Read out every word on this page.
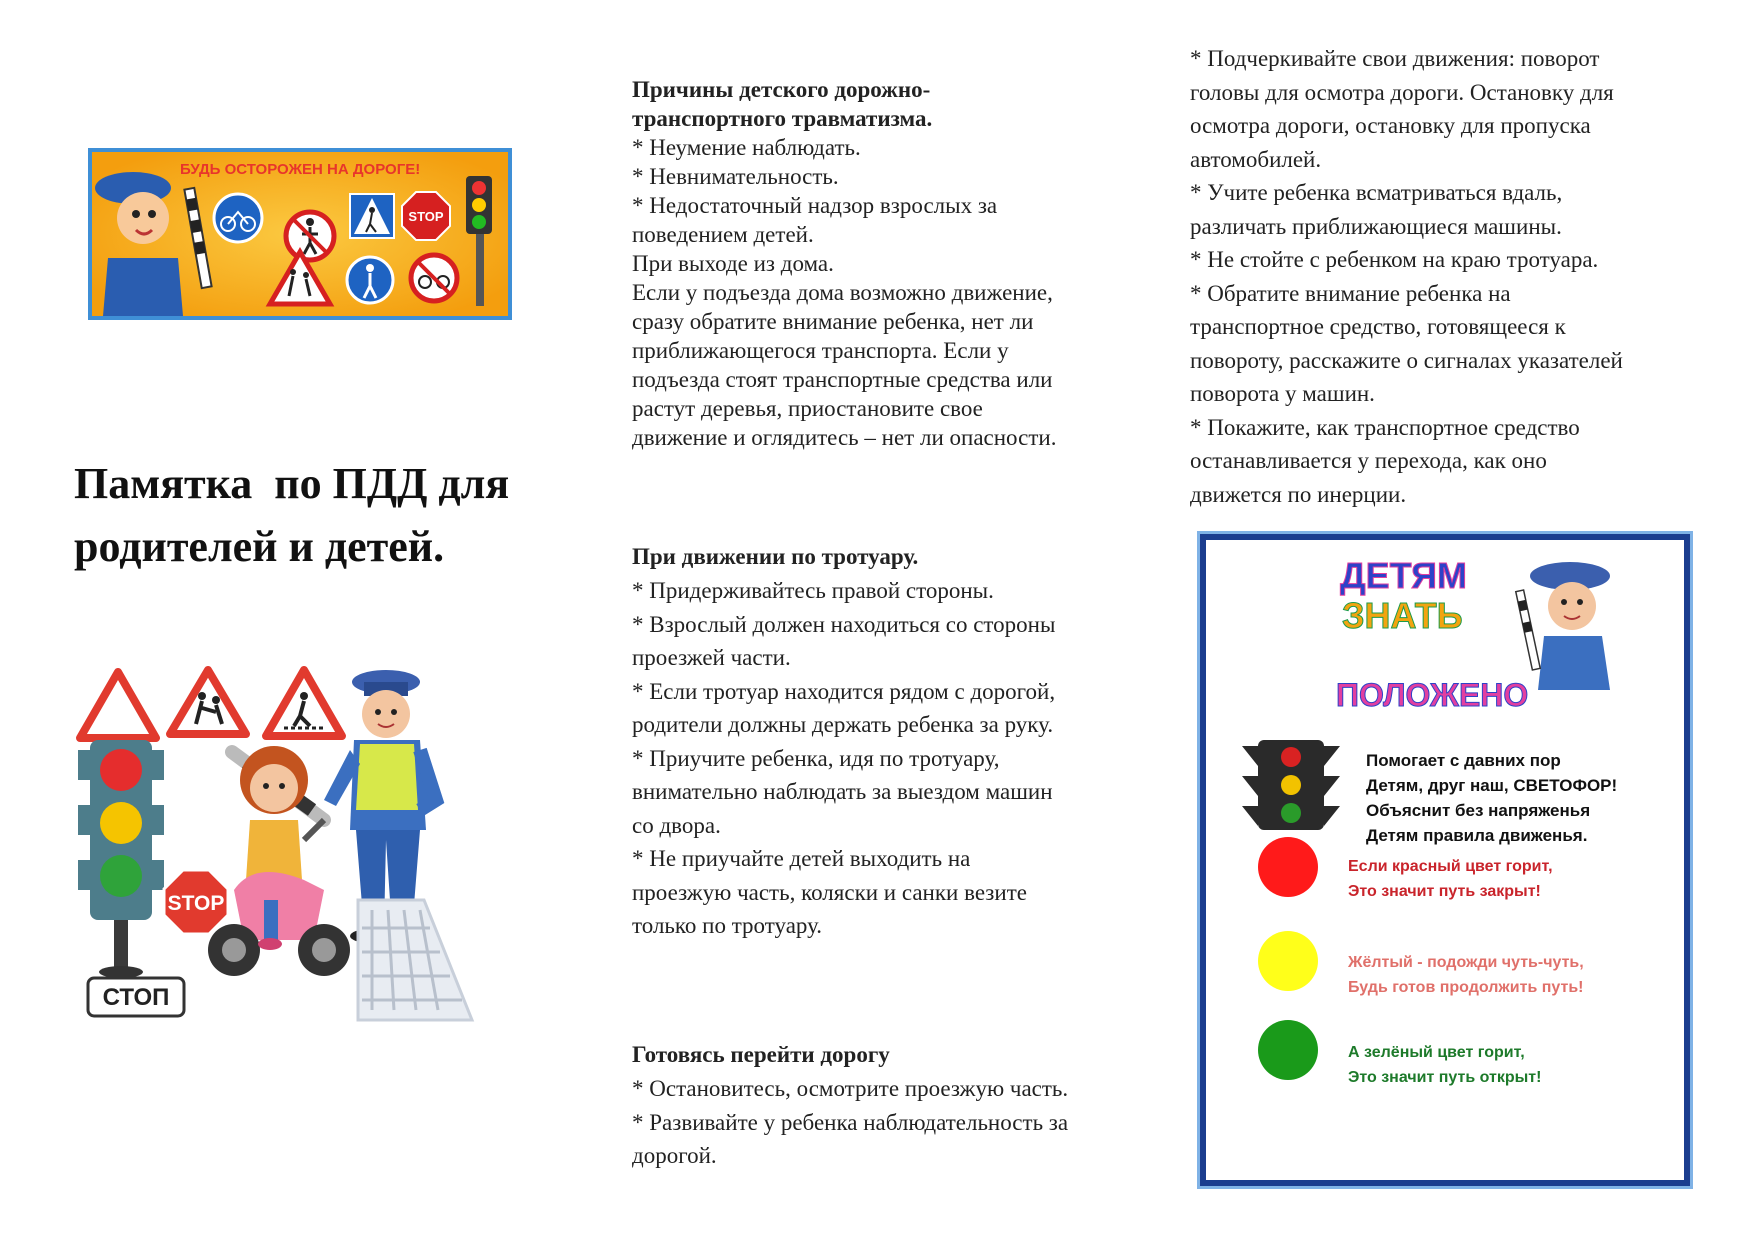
БУДЬ ОСТОРОЖЕН НА ДОРОГЕ!
STOP
Памятка  по ПДД для
родителей и детей.
STOP
СТОП

Причины детского дорожно-

транспортного травматизма.

* Неумение наблюдать.

* Невнимательность.

* Недостаточный надзор взрослых за

поведением детей.

При выходе из дома.

Если у подъезда дома возможно движение,

сразу обратите внимание ребенка, нет ли

приближающегося транспорта. Если у

подъезда стоят транспортные средства или

растут деревья, приостановите свое

движение и оглядитесь – нет ли опасности.

При движении по тротуару.

* Придерживайтесь правой стороны.

* Взрослый должен находиться со стороны

проезжей части.

* Если тротуар находится рядом с дорогой,

родители должны держать ребенка за руку.

* Приучите ребенка, идя по тротуару,

внимательно наблюдать за выездом машин

со двора.

* Не приучайте детей выходить на

проезжую часть, коляски и санки везите

только по тротуару.

Готовясь перейти дорогу

* Остановитесь, осмотрите проезжую часть.

* Развивайте у ребенка наблюдательность за

дорогой.

* Подчеркивайте свои движения: поворот

головы для осмотра дороги. Остановку для

осмотра дороги, остановку для пропуска

автомобилей.

* Учите ребенка всматриваться вдаль,

различать приближающиеся машины.

* Не стойте с ребенком на краю тротуара.

* Обратите внимание ребенка на

транспортное средство, готовящееся к

повороту, расскажите о сигналах указателей

поворота у машин.

* Покажите, как транспортное средство

останавливается у перехода, как оно

движется по инерции.

ДЕТЯМ
ЗНАТЬ
ПОЛОЖЕНО
Помогает с давних пор
Детям, друг наш, СВЕТОФОР!
Объяснит без напряженья
Детям правила движенья.
Если красный цвет горит,
Это значит путь закрыт!
Жёлтый - подожди чуть-чуть,
Будь готов продолжить путь!
А зелёный цвет горит,
Это значит путь открыт!
